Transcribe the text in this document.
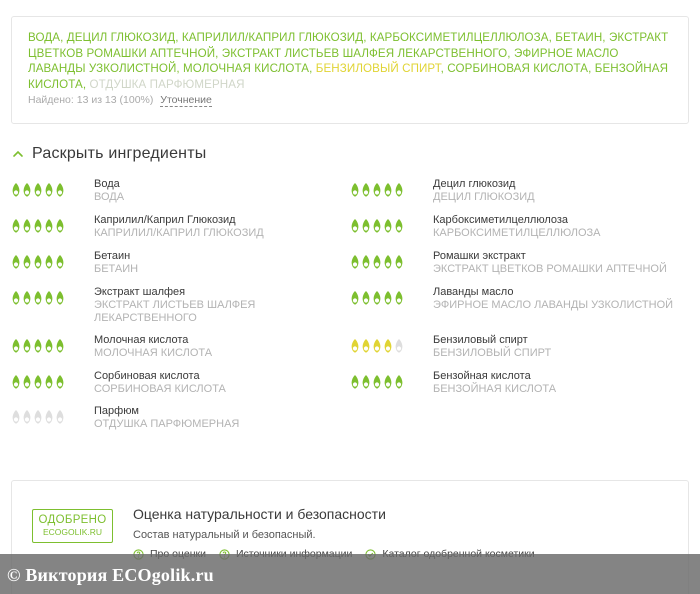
ВОДА, ДЕЦИЛ ГЛЮКОЗИД, КАПРИЛИЛ/КАПРИЛ ГЛЮКОЗИД, КАРБОКСИМЕТИЛЦЕЛЛЮЛОЗА, БЕТАИН, ЭКСТРАКТ ЦВЕТКОВ РОМАШКИ АПТЕЧНОЙ, ЭКСТРАКТ ЛИСТЬЕВ ШАЛФЕЯ ЛЕКАРСТВЕННОГО, ЭФИРНОЕ МАСЛО ЛАВАНДЫ УЗКОЛИСТНОЙ, МОЛОЧНАЯ КИСЛОТА, БЕНЗИЛОВЫЙ СПИРТ, СОРБИНОВАЯ КИСЛОТА, БЕНЗОЙНАЯ КИСЛОТА, ОТДУШКА ПАРФЮМЕРНАЯ
Найдено: 13 из 13 (100%) Уточнение
Раскрыть ингредиенты
Вода
ВОДА
Децил глюкозид
ДЕЦИЛ ГЛЮКОЗИД
Каприлил/Каприл Глюкозид
КАПРИЛИЛ/КАПРИЛ ГЛЮКОЗИД
Карбоксиметилцеллюлоза
КАРБОКСИМЕТИЛЦЕЛЛЮЛОЗА
Бетаин
БЕТАИН
Ромашки экстракт
ЭКСТРАКТ ЦВЕТКОВ РОМАШКИ АПТЕЧНОЙ
Экстракт шалфея
ЭКСТРАКТ ЛИСТЬЕВ ШАЛФЕЯ ЛЕКАРСТВЕННОГО
Лаванды масло
ЭФИРНОЕ МАСЛО ЛАВАНДЫ УЗКОЛИСТНОЙ
Молочная кислота
МОЛОЧНАЯ КИСЛОТА
Бензиловый спирт
БЕНЗИЛОВЫЙ СПИРТ
Сорбиновая кислота
СОРБИНОВАЯ КИСЛОТА
Бензойная кислота
БЕНЗОЙНАЯ КИСЛОТА
Парфюм
ОТДУШКА ПАРФЮМЕРНАЯ
ОДОБРЕНО
ECOGOLIK.RU
Оценка натуральности и безопасности
Состав натуральный и безопасный.
© Виктория ECOgolik.ru
